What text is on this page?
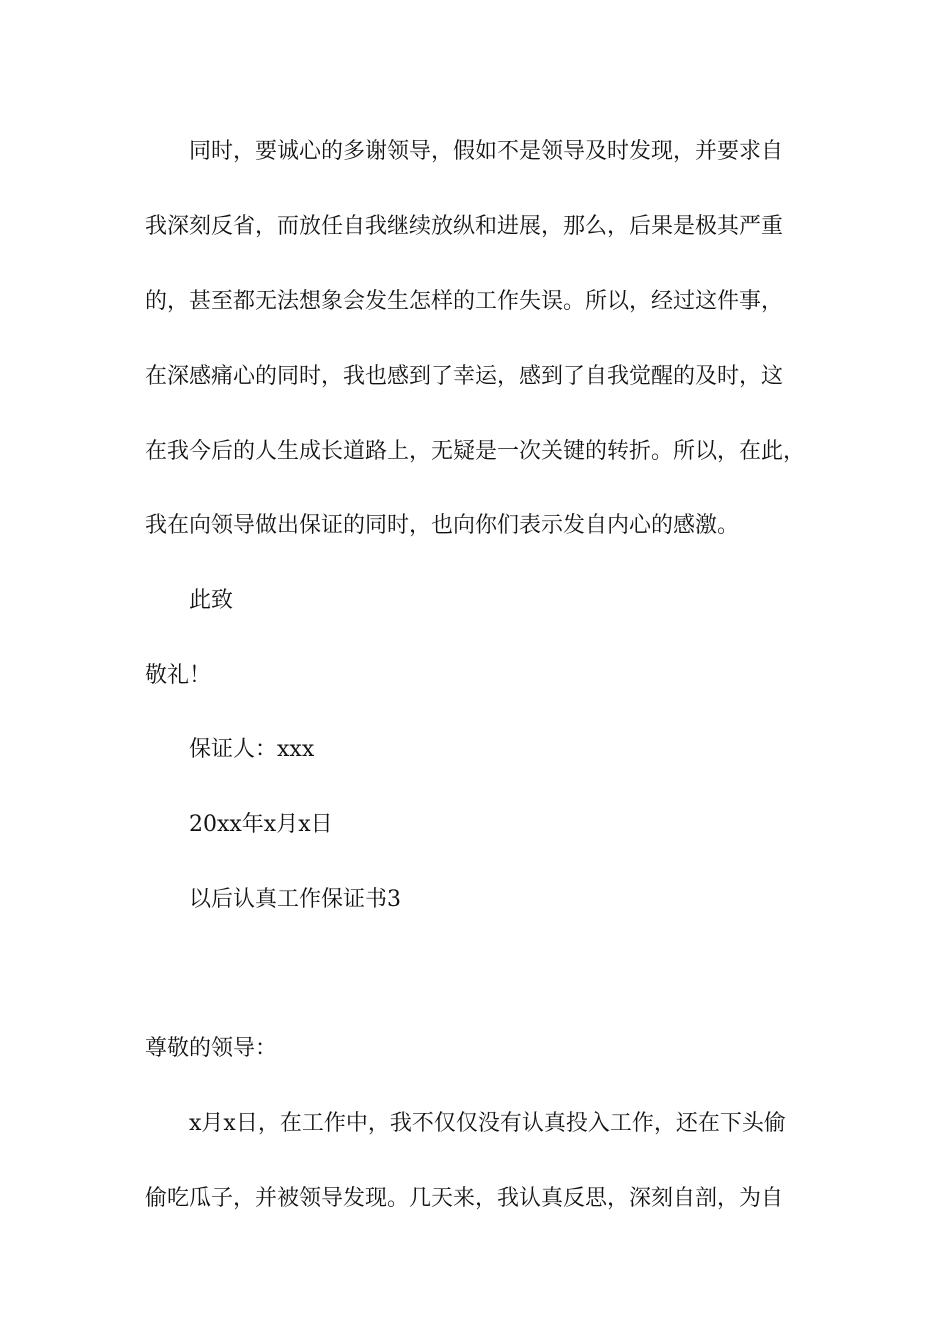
同时，要诚心的多谢领导，假如不是领导及时发现，并要求自
我深刻反省，而放任自我继续放纵和进展，那么，后果是极其严重
的，甚至都无法想象会发生怎样的工作失误。所以，经过这件事，
在深感痛心的同时，我也感到了幸运，感到了自我觉醒的及时，这
在我今后的人生成长道路上，无疑是一次关键的转折。所以，在此，
我在向领导做出保证的同时，也向你们表示发自内心的感激。
此致
敬礼！
保证人：xxx
20xx年x月x日
以后认真工作保证书3
尊敬的领导：
x月x日，在工作中，我不仅仅没有认真投入工作，还在下头偷
偷吃瓜子，并被领导发现。几天来，我认真反思，深刻自剖，为自
